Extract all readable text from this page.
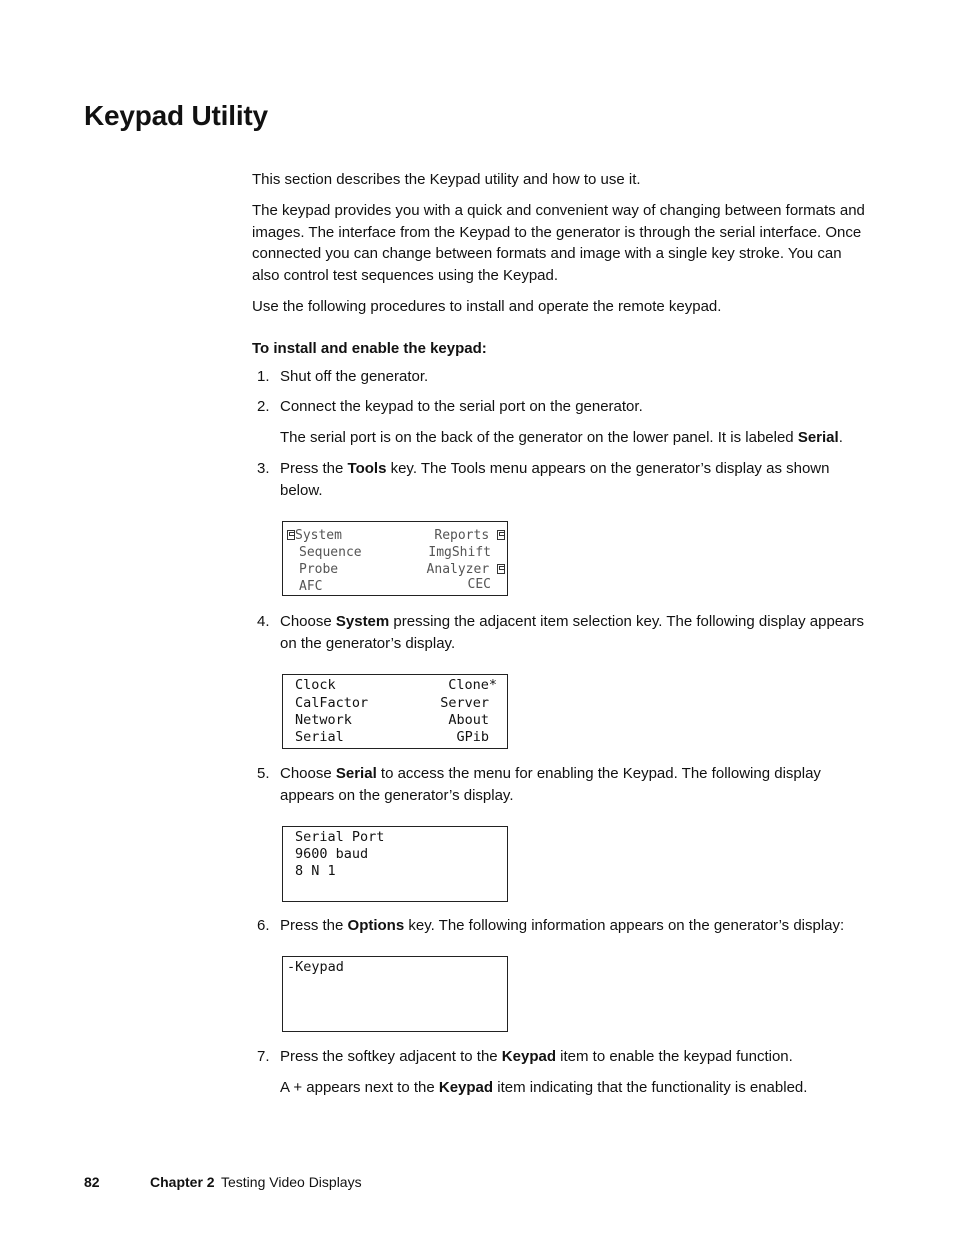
Keypad Utility

This section describes the Keypad utility and how to use it.

The keypad provides you with a quick and convenient way of changing between formats and images. The interface from the Keypad to the generator is through the serial interface. Once connected you can change between formats and image with a single key stroke. You can also control test sequences using the Keypad.

Use the following procedures to install and operate the remote keypad.

To install and enable the keypad:

1. Shut off the generator.
2. Connect the keypad to the serial port on the generator.

The serial port is on the back of the generator on the lower panel. It is labeled Serial.

3. Press the Tools key. The Tools menu appears on the generator’s display as shown below.
System	Reports
Sequence	ImgShift
Probe	Analyzer
AFC	CEC
4. Choose System pressing the adjacent item selection key. The following display appears on the generator’s display.
Clock	Clone*
CalFactor	Server
Network	About
Serial	GPib
5. Choose Serial to access the menu for enabling the Keypad. The following display appears on the generator’s display.
Serial Port
9600 baud
8 N 1
6. Press the Options key. The following information appears on the generator’s display:
-Keypad
7. Press the softkey adjacent to the Keypad item to enable the keypad function.

A + appears next to the Keypad item indicating that the functionality is enabled.

82	Chapter 2 Testing Video Displays
